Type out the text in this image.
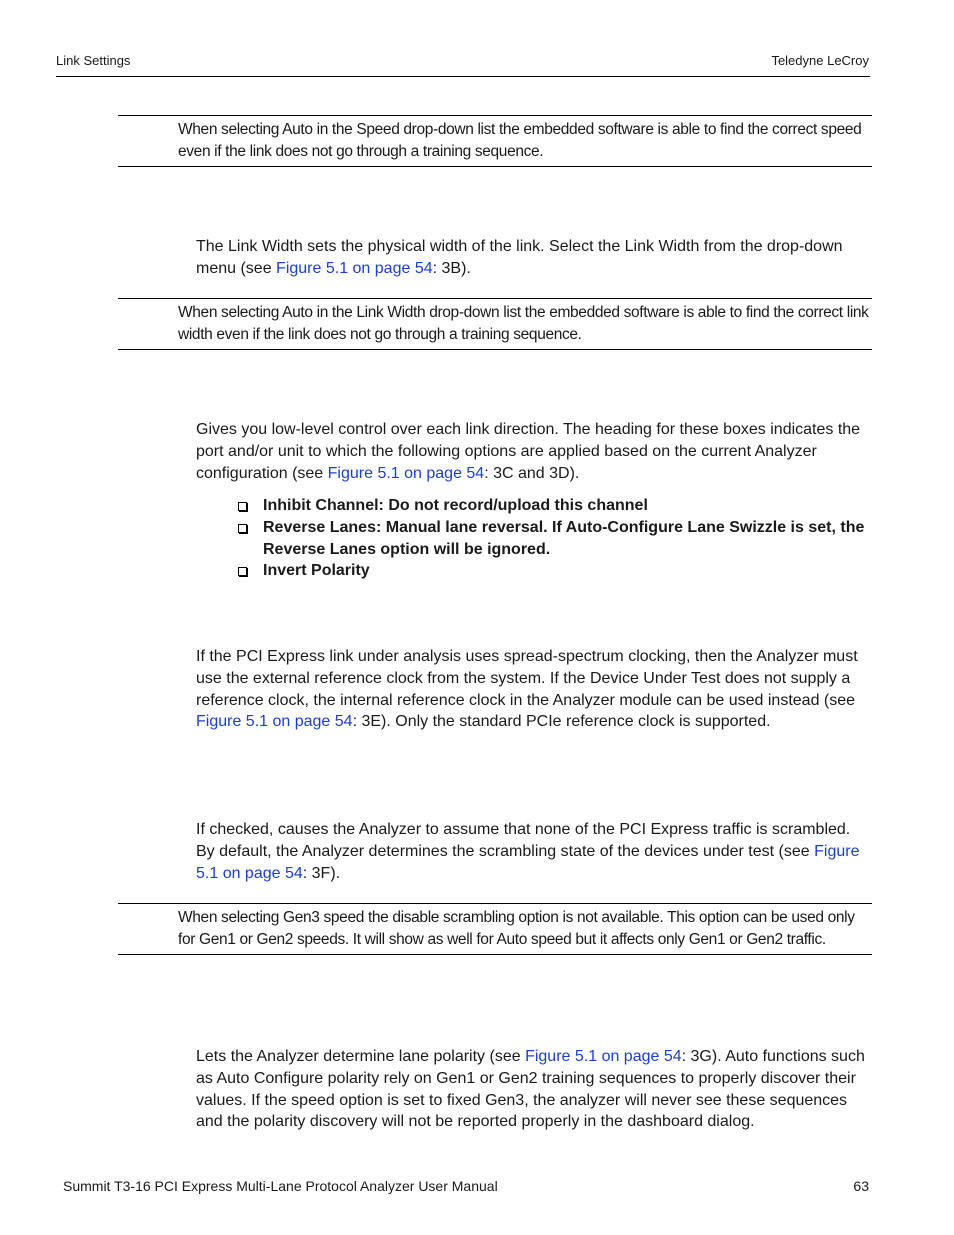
Link Settings	Teledyne LeCroy
When selecting Auto in the Speed drop-down list the embedded software is able to find the correct speed even if the link does not go through a training sequence.
The Link Width sets the physical width of the link. Select the Link Width from the drop-down menu (see Figure 5.1 on page 54: 3B).
When selecting Auto in the Link Width drop-down list the embedded software is able to find the correct link width even if the link does not go through a training sequence.
Gives you low-level control over each link direction. The heading for these boxes indicates the port and/or unit to which the following options are applied based on the current Analyzer configuration (see Figure 5.1 on page 54: 3C and 3D).
Inhibit Channel: Do not record/upload this channel
Reverse Lanes: Manual lane reversal. If Auto-Configure Lane Swizzle is set, the Reverse Lanes option will be ignored.
Invert Polarity
If the PCI Express link under analysis uses spread-spectrum clocking, then the Analyzer must use the external reference clock from the system. If the Device Under Test does not supply a reference clock, the internal reference clock in the Analyzer module can be used instead (see Figure 5.1 on page 54: 3E). Only the standard PCIe reference clock is supported.
If checked, causes the Analyzer to assume that none of the PCI Express traffic is scrambled. By default, the Analyzer determines the scrambling state of the devices under test (see Figure 5.1 on page 54: 3F).
When selecting Gen3 speed the disable scrambling option is not available. This option can be used only for Gen1 or Gen2 speeds. It will show as well for Auto speed but it affects only Gen1 or Gen2 traffic.
Lets the Analyzer determine lane polarity (see Figure 5.1 on page 54: 3G). Auto functions such as Auto Configure polarity rely on Gen1 or Gen2 training sequences to properly discover their values. If the speed option is set to fixed Gen3, the analyzer will never see these sequences and the polarity discovery will not be reported properly in the dashboard dialog.
Summit T3-16 PCI Express Multi-Lane Protocol Analyzer User Manual	63
